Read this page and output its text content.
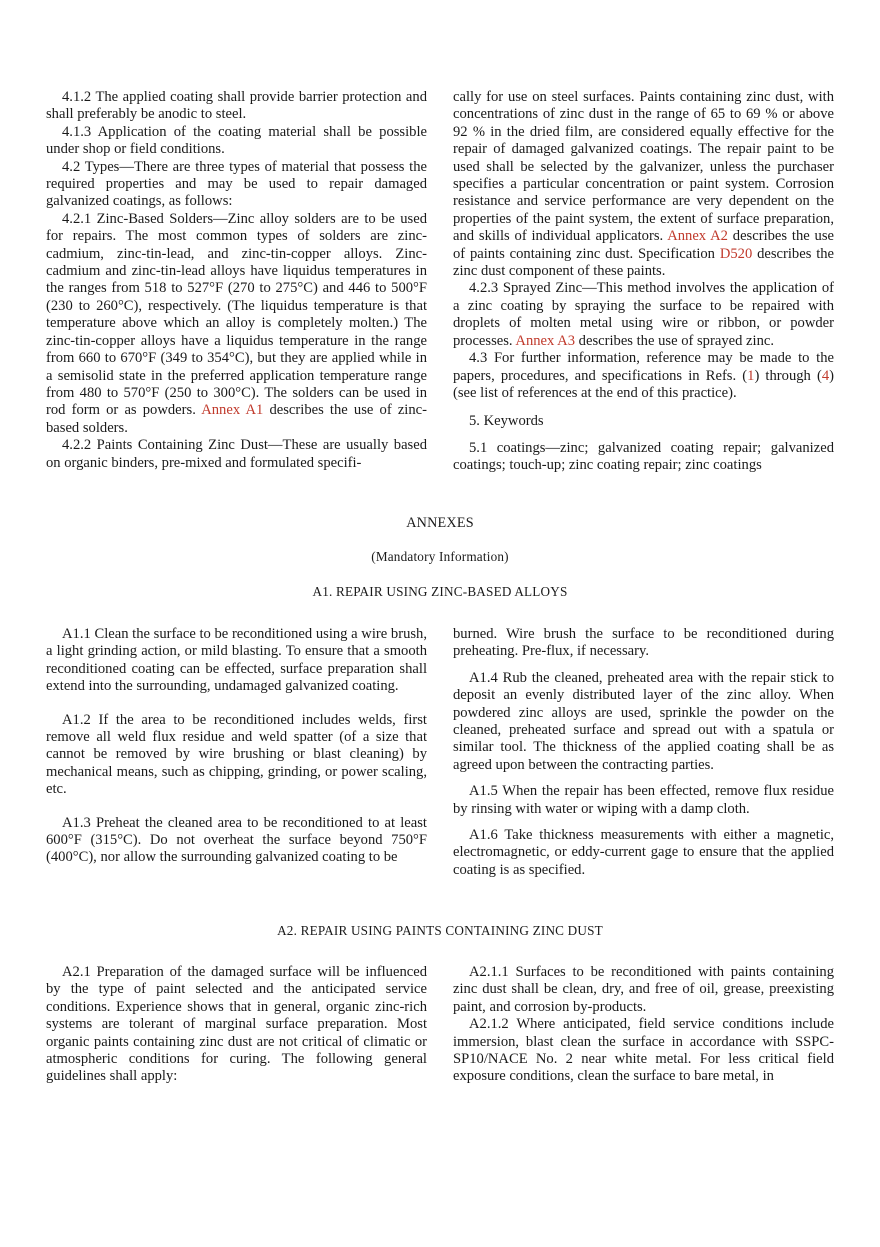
4.1.2 The applied coating shall provide barrier protection and shall preferably be anodic to steel.

4.1.3 Application of the coating material shall be possible under shop or field conditions.

4.2 Types—There are three types of material that possess the required properties and may be used to repair damaged galvanized coatings, as follows:

4.2.1 Zinc-Based Solders—Zinc alloy solders are to be used for repairs. The most common types of solders are zinc-cadmium, zinc-tin-lead, and zinc-tin-copper alloys. Zinc-cadmium and zinc-tin-lead alloys have liquidus temperatures in the ranges from 518 to 527°F (270 to 275°C) and 446 to 500°F (230 to 260°C), respectively. (The liquidus temperature is that temperature above which an alloy is completely molten.) The zinc-tin-copper alloys have a liquidus temperature in the range from 660 to 670°F (349 to 354°C), but they are applied while in a semisolid state in the preferred application temperature range from 480 to 570°F (250 to 300°C). The solders can be used in rod form or as powders. Annex A1 describes the use of zinc-based solders.

4.2.2 Paints Containing Zinc Dust—These are usually based on organic binders, pre-mixed and formulated specifi-

cally for use on steel surfaces. Paints containing zinc dust, with concentrations of zinc dust in the range of 65 to 69 % or above 92 % in the dried film, are considered equally effective for the repair of damaged galvanized coatings. The repair paint to be used shall be selected by the galvanizer, unless the purchaser specifies a particular concentration or paint system. Corrosion resistance and service performance are very dependent on the properties of the paint system, the extent of surface preparation, and skills of individual applicators. Annex A2 describes the use of paints containing zinc dust. Specification D520 describes the zinc dust component of these paints.

4.2.3 Sprayed Zinc—This method involves the application of a zinc coating by spraying the surface to be repaired with droplets of molten metal using wire or ribbon, or powder processes. Annex A3 describes the use of sprayed zinc.

4.3 For further information, reference may be made to the papers, procedures, and specifications in Refs. (1) through (4) (see list of references at the end of this practice).

5. Keywords

5.1 coatings—zinc; galvanized coating repair; galvanized coatings; touch-up; zinc coating repair; zinc coatings

ANNEXES
(Mandatory Information)
A1. REPAIR USING ZINC-BASED ALLOYS

A1.1 Clean the surface to be reconditioned using a wire brush, a light grinding action, or mild blasting. To ensure that a smooth reconditioned coating can be effected, surface preparation shall extend into the surrounding, undamaged galvanized coating.

A1.2 If the area to be reconditioned includes welds, first remove all weld flux residue and weld spatter (of a size that cannot be removed by wire brushing or blast cleaning) by mechanical means, such as chipping, grinding, or power scaling, etc.

A1.3 Preheat the cleaned area to be reconditioned to at least 600°F (315°C). Do not overheat the surface beyond 750°F (400°C), nor allow the surrounding galvanized coating to be

burned. Wire brush the surface to be reconditioned during preheating. Pre-flux, if necessary.

A1.4 Rub the cleaned, preheated area with the repair stick to deposit an evenly distributed layer of the zinc alloy. When powdered zinc alloys are used, sprinkle the powder on the cleaned, preheated surface and spread out with a spatula or similar tool. The thickness of the applied coating shall be as agreed upon between the contracting parties.

A1.5 When the repair has been effected, remove flux residue by rinsing with water or wiping with a damp cloth.

A1.6 Take thickness measurements with either a magnetic, electromagnetic, or eddy-current gage to ensure that the applied coating is as specified.

A2. REPAIR USING PAINTS CONTAINING ZINC DUST

A2.1 Preparation of the damaged surface will be influenced by the type of paint selected and the anticipated service conditions. Experience shows that in general, organic zinc-rich systems are tolerant of marginal surface preparation. Most organic paints containing zinc dust are not critical of climatic or atmospheric conditions for curing. The following general guidelines shall apply:

A2.1.1 Surfaces to be reconditioned with paints containing zinc dust shall be clean, dry, and free of oil, grease, preexisting paint, and corrosion by-products.

A2.1.2 Where anticipated, field service conditions include immersion, blast clean the surface in accordance with SSPC-SP10/NACE No. 2 near white metal. For less critical field exposure conditions, clean the surface to bare metal, in
